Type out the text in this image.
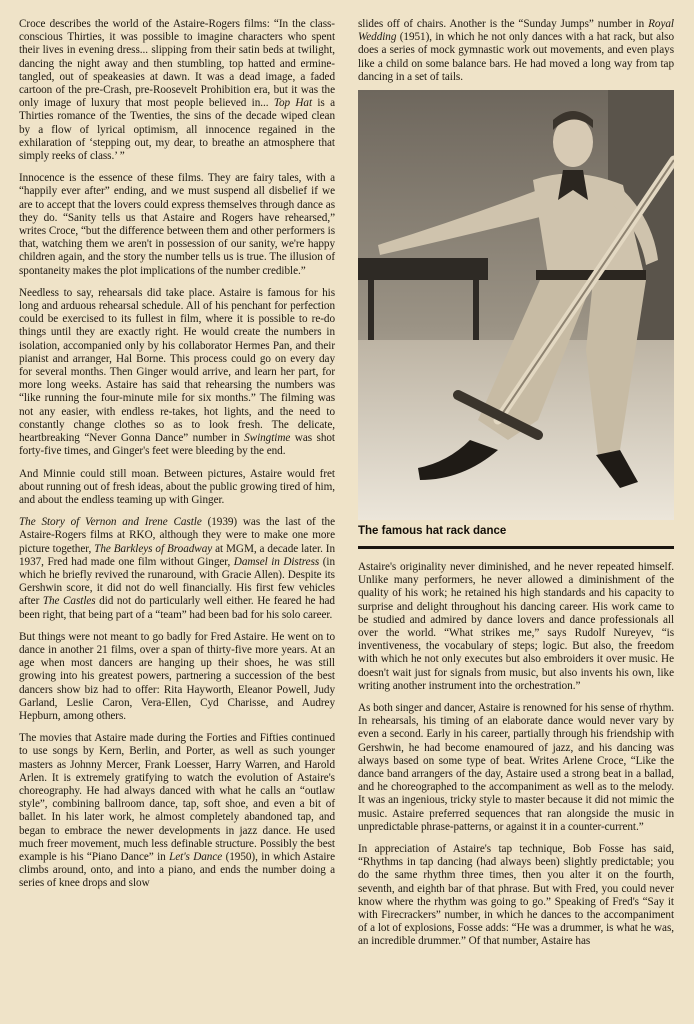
Croce describes the world of the Astaire-Rogers films: “In the class-conscious Thirties, it was possible to imagine characters who spent their lives in evening dress... slipping from their satin beds at twilight, dancing the night away and then stumbling, top hatted and ermine-tangled, out of speakeasies at dawn. It was a dead image, a faded cartoon of the pre-Crash, pre-Roosevelt Prohibition era, but it was the only image of luxury that most people believed in... Top Hat is a Thirties romance of the Twenties, the sins of the decade wiped clean by a flow of lyrical optimism, all innocence regained in the exhilaration of ‘stepping out, my dear, to breathe an atmosphere that simply reeks of class.’ ”

Innocence is the essence of these films. They are fairy tales, with a “happily ever after” ending, and we must suspend all disbelief if we are to accept that the lovers could express themselves through dance as they do. “Sanity tells us that Astaire and Rogers have rehearsed,” writes Croce, “but the difference between them and other performers is that, watching them we aren't in possession of our sanity, we're happy children again, and the story the number tells us is true. The illusion of spontaneity makes the plot implications of the number credible.”

Needless to say, rehearsals did take place. Astaire is famous for his long and arduous rehearsal schedule. All of his penchant for perfection could be exercised to its fullest in film, where it is possible to re-do things until they are exactly right. He would create the numbers in isolation, accompanied only by his collaborator Hermes Pan, and their pianist and arranger, Hal Borne. This process could go on every day for several months. Then Ginger would arrive, and learn her part, for more long weeks. Astaire has said that rehearsing the numbers was “like running the four-minute mile for six months.” The filming was not any easier, with endless re-takes, hot lights, and the need to constantly change clothes so as to look fresh. The delicate, heartbreaking “Never Gonna Dance” number in Swingtime was shot forty-five times, and Ginger's feet were bleeding by the end.

And Minnie could still moan. Between pictures, Astaire would fret about running out of fresh ideas, about the public growing tired of him, and about the endless teaming up with Ginger.

The Story of Vernon and Irene Castle (1939) was the last of the Astaire-Rogers films at RKO, although they were to make one more picture together, The Barkleys of Broadway at MGM, a decade later. In 1937, Fred had made one film without Ginger, Damsel in Distress (in which he briefly revived the runaround, with Gracie Allen). Despite its Gershwin score, it did not do well financially. His first few vehicles after The Castles did not do particularly well either. He feared he had been right, that being part of a “team” had been bad for his solo career.

But things were not meant to go badly for Fred Astaire. He went on to dance in another 21 films, over a span of thirty-five more years. At an age when most dancers are hanging up their shoes, he was still growing into his greatest powers, partnering a succession of the best dancers show biz had to offer: Rita Hayworth, Eleanor Powell, Judy Garland, Leslie Caron, Vera-Ellen, Cyd Charisse, and Audrey Hepburn, among others.

The movies that Astaire made during the Forties and Fifties continued to use songs by Kern, Berlin, and Porter, as well as such younger masters as Johnny Mercer, Frank Loesser, Harry Warren, and Harold Arlen. It is extremely gratifying to watch the evolution of Astaire's choreography. He had always danced with what he calls an “outlaw style”, combining ballroom dance, tap, soft shoe, and even a bit of ballet. In his later work, he almost completely abandoned tap, and began to embrace the newer developments in jazz dance. He used much freer movement, much less definable structure. Possibly the best example is his “Piano Dance” in Let's Dance (1950), in which Astaire climbs around, onto, and into a piano, and ends the number doing a series of knee drops and slow

slides off of chairs. Another is the “Sunday Jumps” number in Royal Wedding (1951), in which he not only dances with a hat rack, but also does a series of mock gymnastic work out movements, and even plays like a child on some balance bars. He had moved a long way from tap dancing in a set of tails.

The famous hat rack dance

Astaire's originality never diminished, and he never repeated himself. Unlike many performers, he never allowed a diminishment of the quality of his work; he retained his high standards and his capacity to surprise and delight throughout his dancing career. His work came to be studied and admired by dance lovers and dance professionals all over the world. “What strikes me,” says Rudolf Nureyev, “is inventiveness, the vocabulary of steps; logic. But also, the freedom with which he not only executes but also embroiders it over music. He doesn't wait just for signals from music, but also invents his own, like writing another instrument into the orchestration.”

As both singer and dancer, Astaire is renowned for his sense of rhythm. In rehearsals, his timing of an elaborate dance would never vary by even a second. Early in his career, partially through his friendship with Gershwin, he had become enamoured of jazz, and his dancing was always based on some type of beat. Writes Arlene Croce, “Like the dance band arrangers of the day, Astaire used a strong beat in a ballad, and he choreographed to the accompaniment as well as to the melody. It was an ingenious, tricky style to master because it did not mimic the music. Astaire preferred sequences that ran alongside the music in unpredictable phrase-patterns, or against it in a counter-current.”

In appreciation of Astaire's tap technique, Bob Fosse has said, “Rhythms in tap dancing (had always been) slightly predictable; you do the same rhythm three times, then you alter it on the fourth, seventh, and eighth bar of that phrase. But with Fred, you could never know where the rhythm was going to go.” Speaking of Fred's “Say it with Firecrackers” number, in which he dances to the accompaniment of a lot of explosions, Fosse adds: “He was a drummer, is what he was, an incredible drummer.” Of that number, Astaire has
